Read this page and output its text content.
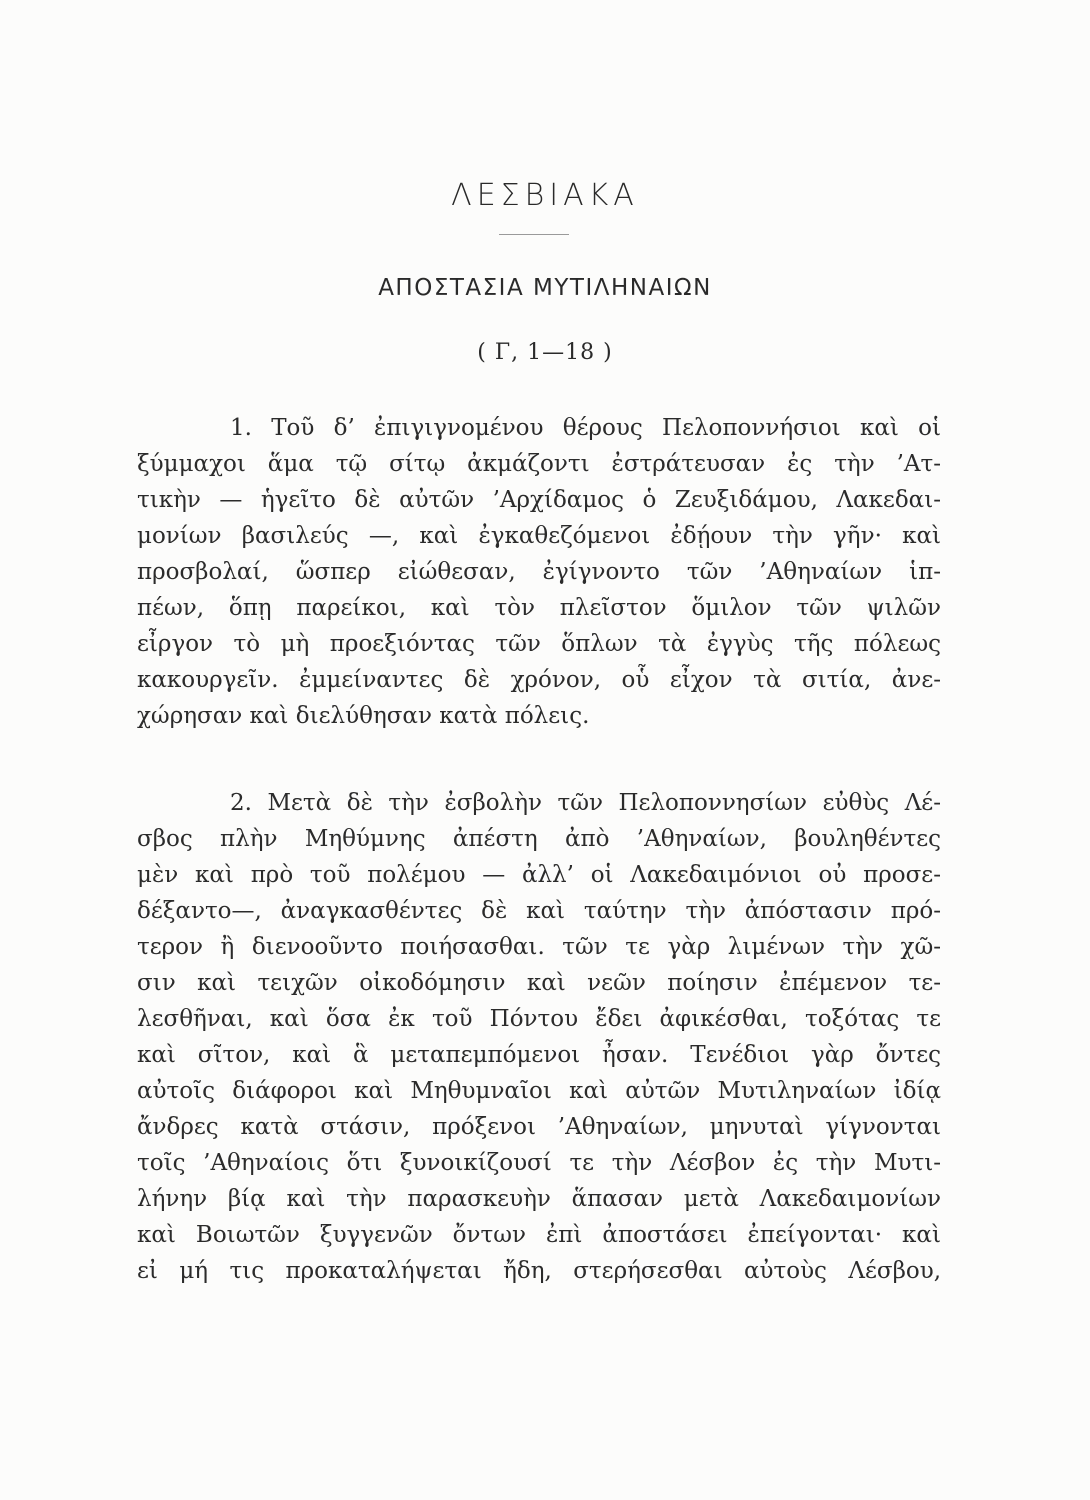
ΛΕΣΒΙΑΚΑ
ΑΠΟΣΤΑΣΙΑ ΜΥΤΙΛΗΝΑΙΩΝ
( Γ, 1—18 )
1. Τοῦ δ’ ἐπιγιγνομένου θέρους Πελοποννήσιοι καὶ οἱ
ξύμμαχοι ἅμα τῷ σίτῳ ἀκμάζοντι ἐστράτευσαν ἐς τὴν ’Ατ-
τικὴν — ἡγεῖτο δὲ αὐτῶν ’Αρχίδαμος ὁ Ζευξιδάμου, Λακεδαι-
μονίων βασιλεύς —, καὶ ἐγκαθεζόμενοι ἐδῄουν τὴν γῆν· καὶ
προσβολαί, ὥσπερ εἰώθεσαν, ἐγίγνοντο τῶν ’Αθηναίων ἱπ-
πέων, ὅπῃ παρείκοι, καὶ τὸν πλεῖστον ὅμιλον τῶν ψιλῶν
εἶργον τὸ μὴ προεξιόντας τῶν ὅπλων τὰ ἐγγὺς τῆς πόλεως
κακουργεῖν. ἐμμείναντες δὲ χρόνον, οὗ εἶχον τὰ σιτία, ἀνε-
χώρησαν καὶ διελύθησαν κατὰ πόλεις.
2. Μετὰ δὲ τὴν ἐσβολὴν τῶν Πελοποννησίων εὐθὺς Λέ-
σβος πλὴν Μηθύμνης ἀπέστη ἀπὸ ’Αθηναίων, βουληθέντες
μὲν καὶ πρὸ τοῦ πολέμου — ἀλλ’ οἱ Λακεδαιμόνιοι οὐ προσε-
δέξαντο—, ἀναγκασθέντες δὲ καὶ ταύτην τὴν ἀπόστασιν πρό-
τερον ἢ διενοοῦντο ποιήσασθαι. τῶν τε γὰρ λιμένων τὴν χῶ-
σιν καὶ τειχῶν οἰκοδόμησιν καὶ νεῶν ποίησιν ἐπέμενον τε-
λεσθῆναι, καὶ ὅσα ἐκ τοῦ Πόντου ἔδει ἀφικέσθαι, τοξότας τε
καὶ σῖτον, καὶ ἃ μεταπεμπόμενοι ἦσαν. Τενέδιοι γὰρ ὄντες
αὐτοῖς διάφοροι καὶ Μηθυμναῖοι καὶ αὐτῶν Μυτιληναίων ἰδίᾳ
ἄνδρες κατὰ στάσιν, πρόξενοι ’Αθηναίων, μηνυταὶ γίγνονται
τοῖς ’Αθηναίοις ὅτι ξυνοικίζουσί τε τὴν Λέσβον ἐς τὴν Μυτι-
λήνην βίᾳ καὶ τὴν παρασκευὴν ἅπασαν μετὰ Λακεδαιμονίων
καὶ Βοιωτῶν ξυγγενῶν ὄντων ἐπὶ ἀποστάσει ἐπείγονται· καὶ
εἰ μή τις προκαταλήψεται ἤδη, στερήσεσθαι αὐτοὺς Λέσβου,
